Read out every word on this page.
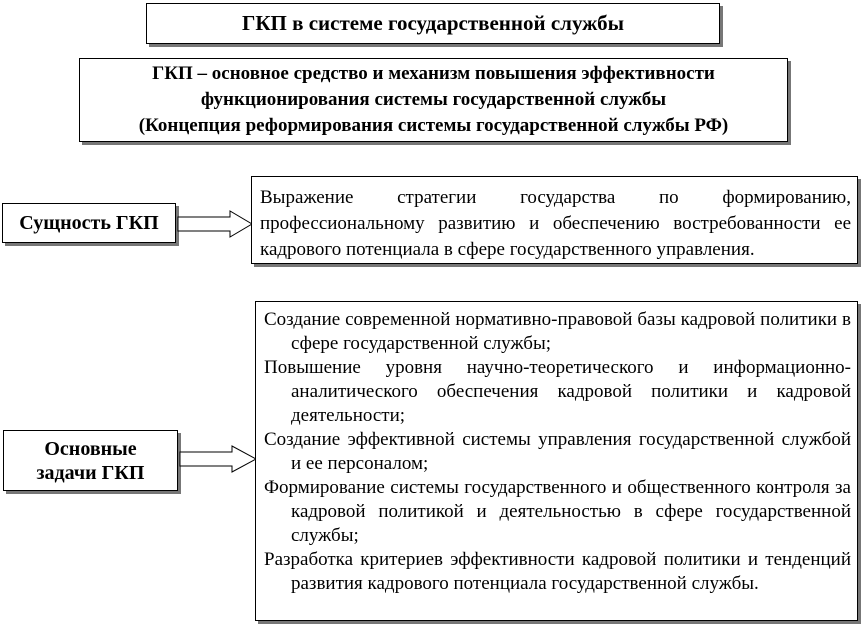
ГКП в системе государственной службы
ГКП – основное средство и механизм повышения эффективности
функционирования системы государственной службы
(Концепция реформирования системы государственной службы РФ)
Сущность ГКП
Выражение стратегии государства по формированию, профессиональному развитию и обеспечению востребованности ее кадрового потенциала в сфере государственного управления.
Основные
задачи ГКП
Создание современной нормативно-правовой базы кадровой политики в сфере государственной службы;
Повышение уровня научно-теоретического и информационно-аналитического обеспечения кадровой политики и кадровой деятельности;
Создание эффективной системы управления государственной службой и ее персоналом;
Формирование системы государственного и общественного контроля за кадровой политикой и деятельностью в сфере государственной службы;
Разработка критериев эффективности кадровой политики и тенденций развития кадрового потенциала государственной службы.
